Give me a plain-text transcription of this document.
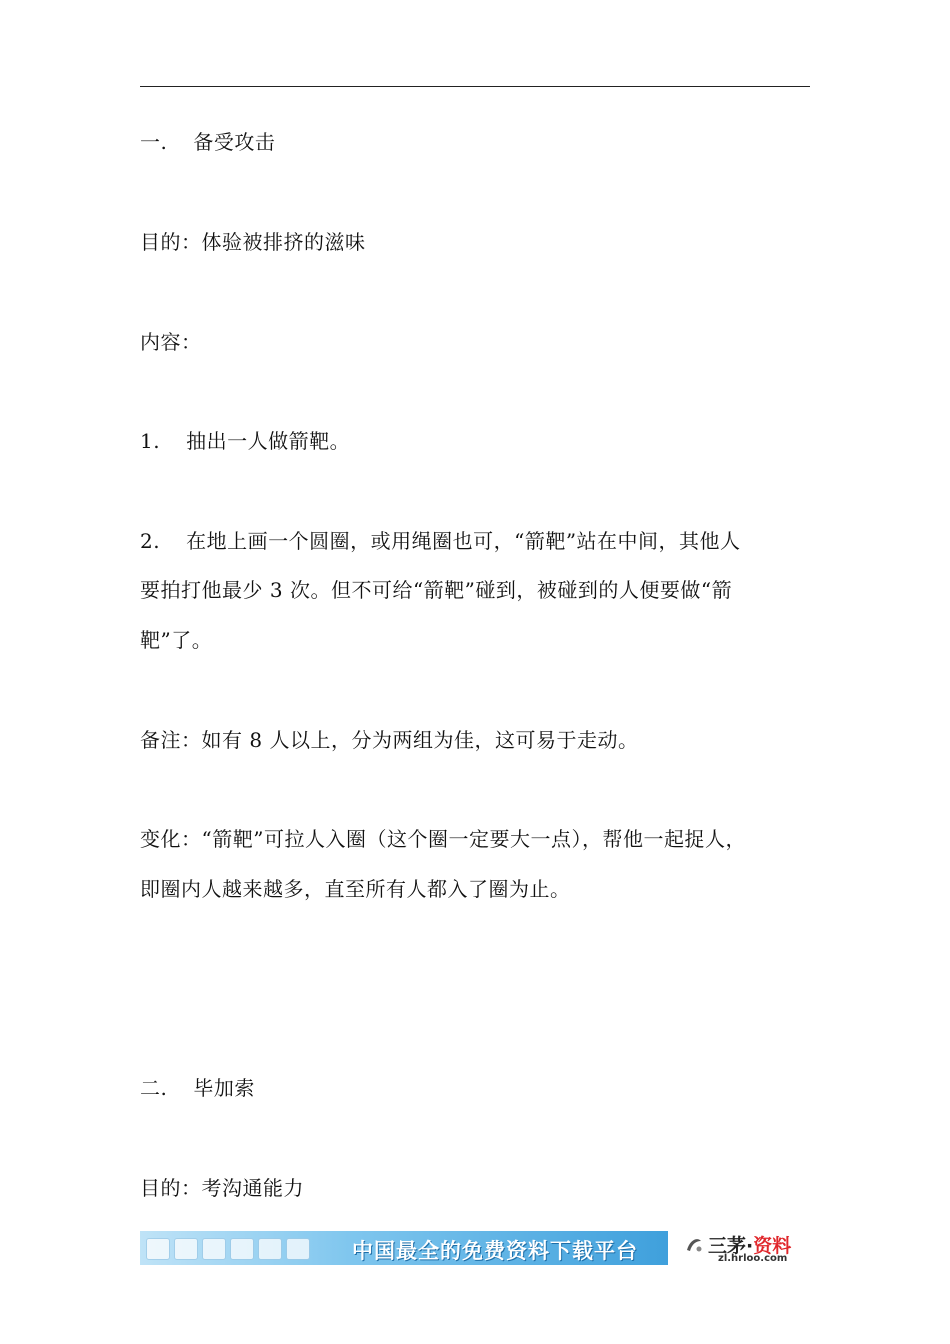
一. 备受攻击
目的：体验被排挤的滋味
内容：
1. 抽出一人做箭靶。
2. 在地上画一个圆圈，或用绳圈也可，“箭靶”站在中间，其他人
要拍打他最少 3 次。但不可给“箭靶”碰到，被碰到的人便要做“箭
靶”了。
备注：如有 8 人以上，分为两组为佳，这可易于走动。
变化：“箭靶”可拉人入圈（这个圈一定要大一点），帮他一起捉人，
即圈内人越来越多，直至所有人都入了圈为止。
二. 毕加索
目的：考沟通能力
中国最全的免费资料下载平台	三茅·资料
zl.hrloo.com
